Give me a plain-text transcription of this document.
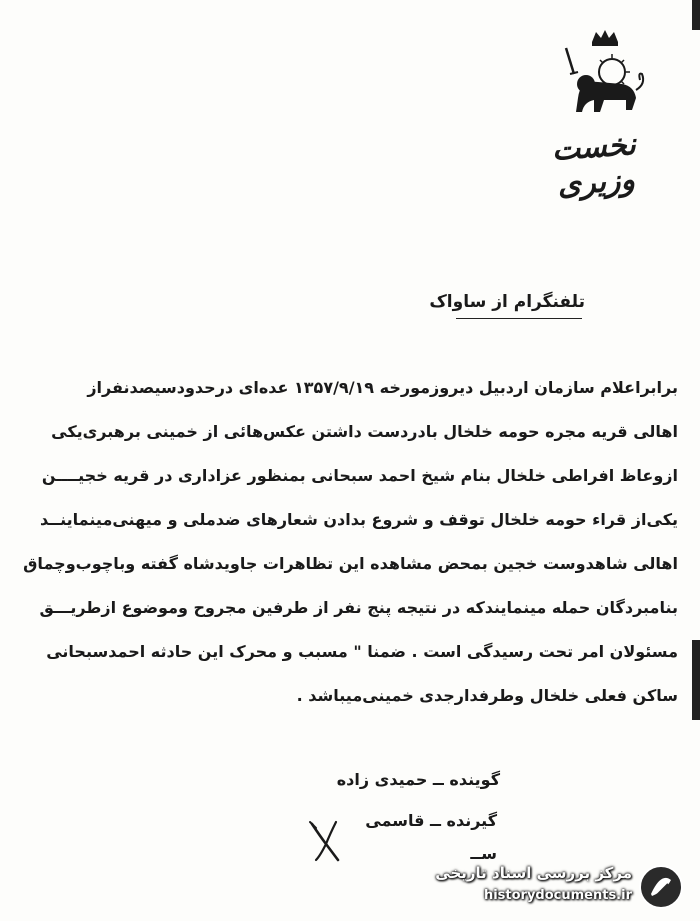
نخست وزیری
تلفنگرام از ساواک
برابراعلام سازمان اردبیل دیروزمورخه ۱۳۵۷/۹/۱۹ عده‌ای درحدودسیصدنفراز
اهالی قریه مجره حومه خلخال بادردست داشتن عکس‌هائی از خمینی برهبری‌یکی
ازوعاظ افراطی خلخال بنام شیخ احمد سبحانی بمنظور عزاداری در قریه خجیــــن
یکی‌از قراء حومه خلخال توقف و شروع بدادن شعارهای ضدملی و میهنی‌مینماینــد
اهالی شاهدوست خجین بمحض مشاهده این تظاهرات جاویدشاه گفته وباچوب‌وچماق
بنامبردگان حمله مینمایندکه در نتیجه پنج نفر از طرفین مجروح وموضوع ازطریـــق
مسئولان امر تحت رسیدگی است . ضمنا " مسبب و محرک این حادثه احمدسبحانی
ساکن فعلی خلخال وطرفدارجدی خمینی‌میباشد .
گوینده ــ حمیدی زاده
گیرنده ــ قاسمی
ســ
مرکز بررسی اسناد تاریخی
historydocuments.ir
